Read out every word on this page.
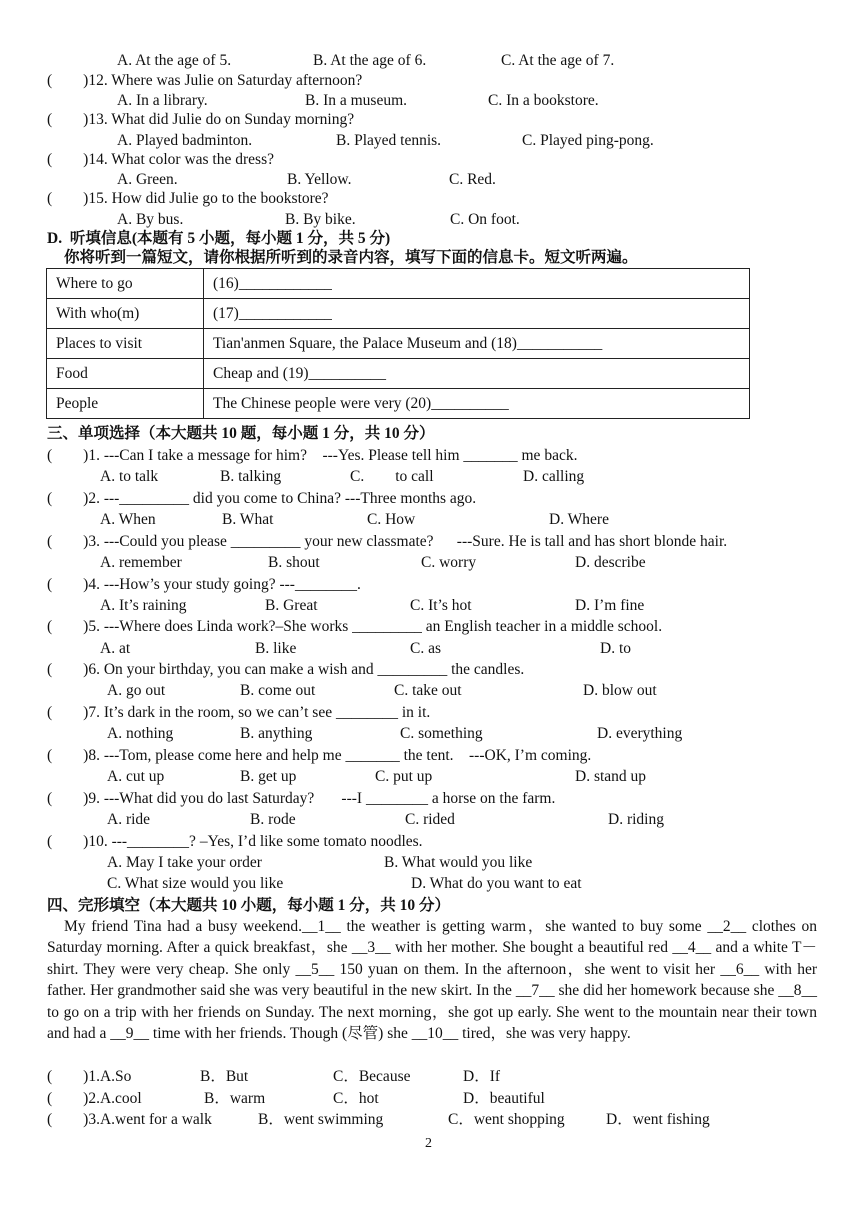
A. At the age of 5.	B. At the age of 6.	C. At the age of 7.
(        )12. Where was Julie on Saturday afternoon?
A. In a library.	B. In a museum.	C. In a bookstore.
(        )13. What did Julie do on Sunday morning?
A. Played badminton.	B. Played tennis.	C. Played ping-pong.
(        )14. What color was the dress?
A. Green.	B. Yellow.	C. Red.
(        )15. How did Julie go to the bookstore?
A. By bus.	B. By bike.	C. On foot.
D.  听填信息(本题有 5 小题，每小题 1 分，共 5 分)
你将听到一篇短文，请你根据所听到的录音内容，填写下面的信息卡。短文听两遍。
Where to go	(16)____________
With who(m)	(17)____________
Places to visit	Tian'anmen Square, the Palace Museum and (18)___________
Food	Cheap and (19)__________
People	The Chinese people were very (20)__________
三、单项选择（本大题共 10 题，每小题 1 分，共 10 分）
(        )1. ---Can I take a message for him?    ---Yes. Please tell him _______ me back.
A. to talk	B. talking	C.        to call	D. calling
(        )2. ---_________ did you come to China? ---Three months ago.
A. When	B. What	C. How	D. Where
(        )3. ---Could you please _________ your new classmate?      ---Sure. He is tall and has short blonde hair.
A. remember	B. shout	C. worry	D. describe
(        )4. ---How’s your study going? ---________.
A. It’s raining	B. Great	C. It’s hot	D. I’m fine
(        )5. ---Where does Linda work?–She works _________ an English teacher in a middle school.
A. at	B. like	C. as	D. to
(        )6. On your birthday, you can make a wish and _________ the candles.
A. go out	B. come out	C. take out	D. blow out
(        )7. It’s dark in the room, so we can’t see ________ in it.
A. nothing	B. anything	C. something	D. everything
(        )8. ---Tom, please come here and help me _______ the tent.    ---OK, I’m coming.
A. cut up	B. get up	C. put up	D. stand up
(        )9. ---What did you do last Saturday?       ---I ________ a horse on the farm.
A. ride	B. rode	C. rided	D. riding
(        )10. ---________? –Yes, I’d like some tomato noodles.
A. May I take your order	B. What would you like
C. What size would you like	D. What do you want to eat
四、完形填空（本大题共 10 小题，每小题 1 分，共 10 分）
My friend Tina had a busy weekend.__1__ the weather is getting warm，she wanted to buy some __2__ clothes on Saturday morning. After a quick breakfast，she __3__ with her mother. She bought a beautiful red __4__ and a white T－shirt. They were very cheap. She only __5__ 150 yuan on them. In the afternoon，she went to visit her __6__ with her father. Her grandmother said she was very beautiful in the new skirt. In the __7__ she did her homework because she __8__ to go on a trip with her friends on Sunday. The next morning，she got up early. She went to the mountain near their town and had a __9__ time with her friends. Though (尽管) she __10__ tired，she was very happy.
(        )1.A.So	B．But	C．Because	D．If
(        )2.A.cool	B．warm	C．hot	D．beautiful
(        )3.A.went for a walk	B．went swimming	C．went shopping	D．went fishing
2
